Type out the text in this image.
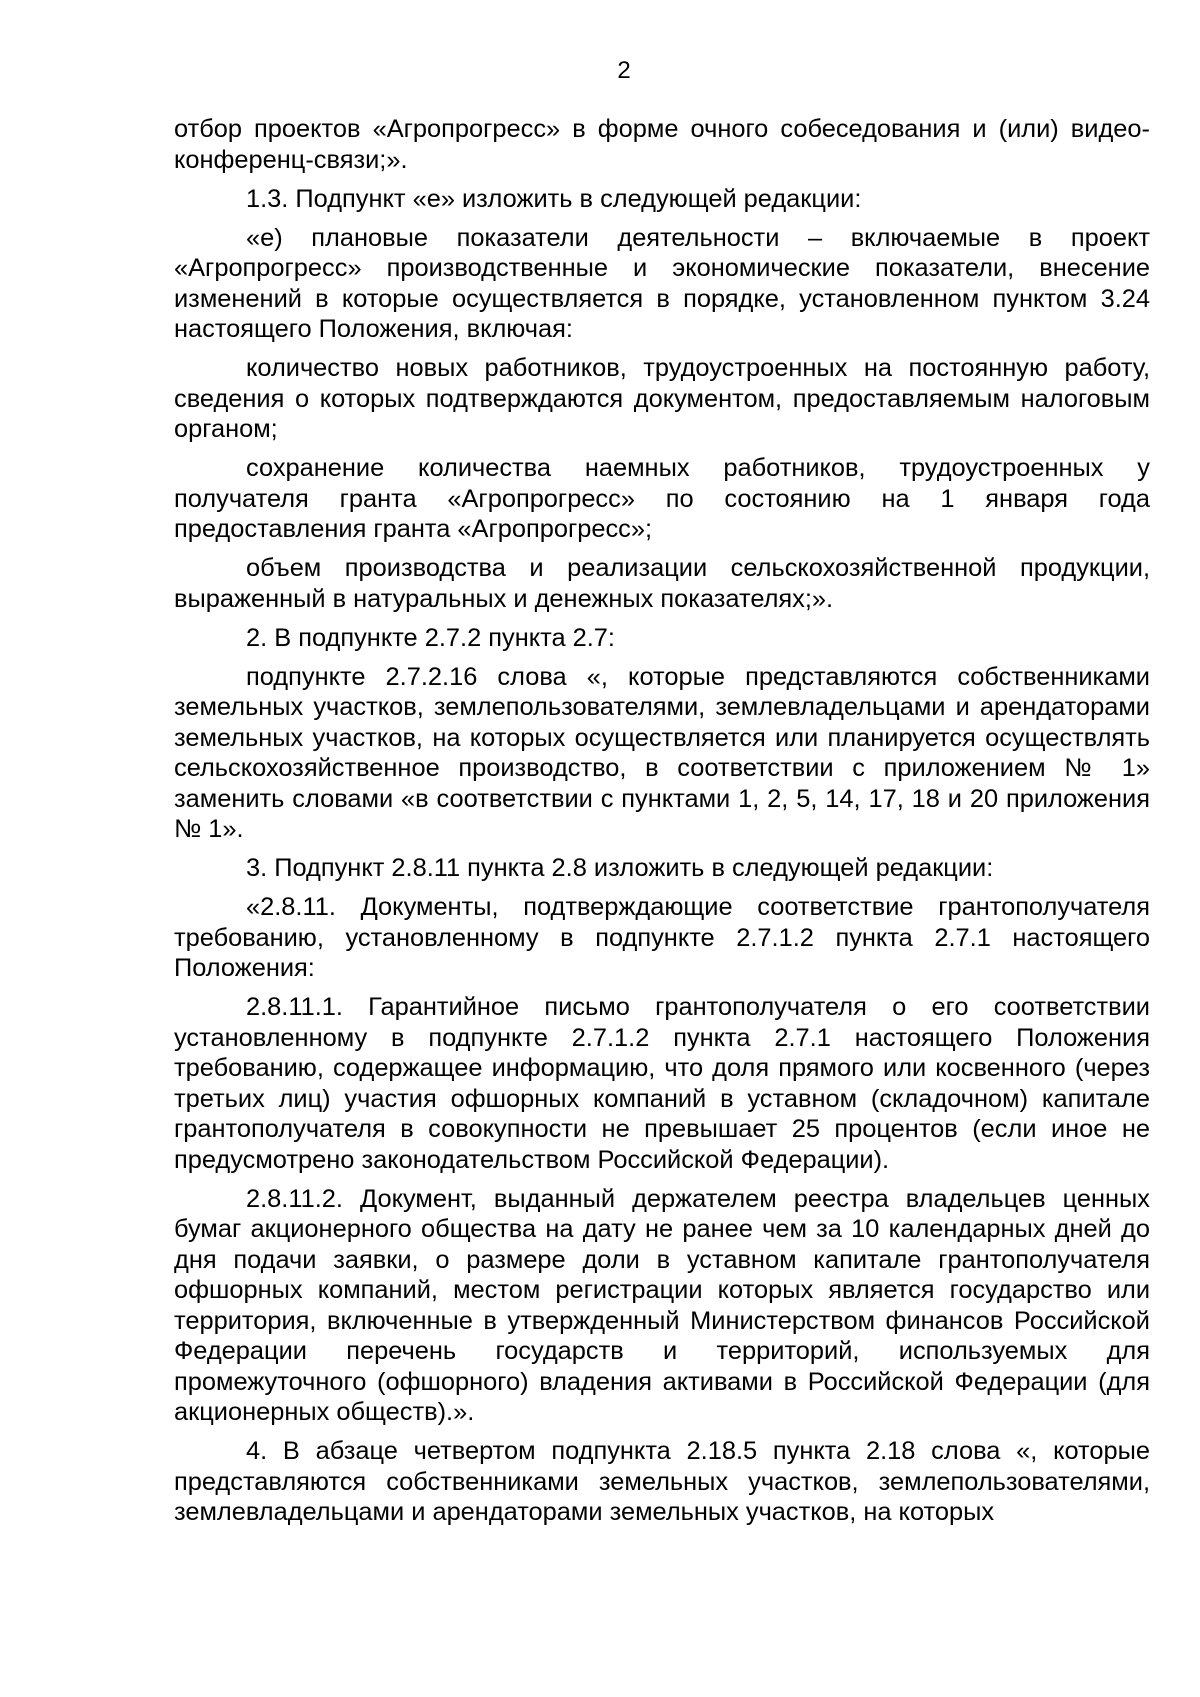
2

отбор проектов «Агропрогресс» в форме очного собеседования и (или) видео-конференц-связи;».

1.3. Подпункт «е» изложить в следующей редакции:

«е) плановые показатели деятельности – включаемые в проект «Агропрогресс» производственные и экономические показатели, внесение изменений в которые осуществляется в порядке, установленном пунктом 3.24 настоящего Положения, включая:

количество новых работников, трудоустроенных на постоянную работу, сведения о которых подтверждаются документом, предоставляемым налоговым органом;

сохранение количества наемных работников, трудоустроенных у получателя гранта «Агропрогресс» по состоянию на 1 января года предоставления гранта «Агропрогресс»;

объем производства и реализации сельскохозяйственной продукции, выраженный в натуральных и денежных показателях;».

2. В подпункте 2.7.2 пункта 2.7:

подпункте 2.7.2.16 слова «, которые представляются собственниками земельных участков, землепользователями, землевладельцами и арендаторами земельных участков, на которых осуществляется или планируется осуществлять сельскохозяйственное производство, в соответствии с приложением № 1» заменить словами «в соответствии с пунктами 1, 2, 5, 14, 17, 18 и 20 приложения № 1».

3. Подпункт 2.8.11 пункта 2.8 изложить в следующей редакции:

«2.8.11. Документы, подтверждающие соответствие грантополучателя требованию, установленному в подпункте 2.7.1.2 пункта 2.7.1 настоящего Положения:

2.8.11.1. Гарантийное письмо грантополучателя о его соответствии установленному в подпункте 2.7.1.2 пункта 2.7.1 настоящего Положения требованию, содержащее информацию, что доля прямого или косвенного (через третьих лиц) участия офшорных компаний в уставном (складочном) капитале грантополучателя в совокупности не превышает 25 процентов (если иное не предусмотрено законодательством Российской Федерации).

2.8.11.2. Документ, выданный держателем реестра владельцев ценных бумаг акционерного общества на дату не ранее чем за 10 календарных дней до дня подачи заявки, о размере доли в уставном капитале грантополучателя офшорных компаний, местом регистрации которых является государство или территория, включенные в утвержденный Министерством финансов Российской Федерации перечень государств и территорий, используемых для промежуточного (офшорного) владения активами в Российской Федерации (для акционерных обществ).».

4. В абзаце четвертом подпункта 2.18.5 пункта 2.18 слова «, которые представляются собственниками земельных участков, землепользователями, землевладельцами и арендаторами земельных участков, на которых
